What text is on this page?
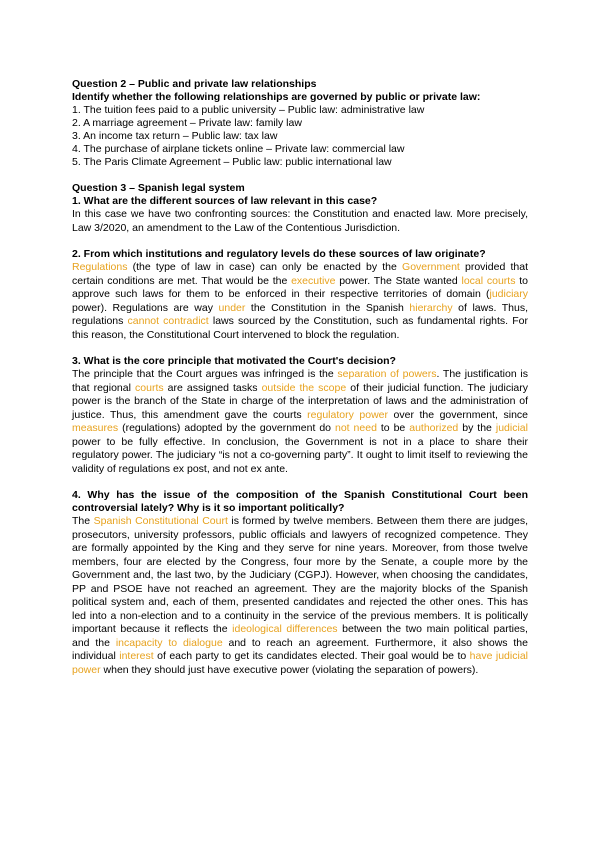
Question 2 – Public and private law relationships

Identify whether the following relationships are governed by public or private law:

1. The tuition fees paid to a public university – Public law: administrative law

2. A marriage agreement – Private law: family law

3. An income tax return – Public law: tax law

4. The purchase of airplane tickets online – Private law: commercial law

5. The Paris Climate Agreement – Public law: public international law

Question 3 – Spanish legal system

1. What are the different sources of law relevant in this case?

In this case we have two confronting sources: the Constitution and enacted law. More precisely, Law 3/2020, an amendment to the Law of the Contentious Jurisdiction.

2. From which institutions and regulatory levels do these sources of law originate?

Regulations (the type of law in case) can only be enacted by the Government provided that certain conditions are met. That would be the executive power. The State wanted local courts to approve such laws for them to be enforced in their respective territories of domain (judiciary power). Regulations are way under the Constitution in the Spanish hierarchy of laws. Thus, regulations cannot contradict laws sourced by the Constitution, such as fundamental rights. For this reason, the Constitutional Court intervened to block the regulation.

3. What is the core principle that motivated the Court's decision?

The principle that the Court argues was infringed is the separation of powers. The justification is that regional courts are assigned tasks outside the scope of their judicial function. The judiciary power is the branch of the State in charge of the interpretation of laws and the administration of justice. Thus, this amendment gave the courts regulatory power over the government, since measures (regulations) adopted by the government do not need to be authorized by the judicial power to be fully effective. In conclusion, the Government is not in a place to share their regulatory power. The judiciary “is not a co-governing party”. It ought to limit itself to reviewing the validity of regulations ex post, and not ex ante.

4. Why has the issue of the composition of the Spanish Constitutional Court been controversial lately? Why is it so important politically?

The Spanish Constitutional Court is formed by twelve members. Between them there are judges, prosecutors, university professors, public officials and lawyers of recognized competence. They are formally appointed by the King and they serve for nine years. Moreover, from those twelve members, four are elected by the Congress, four more by the Senate, a couple more by the Government and, the last two, by the Judiciary (CGPJ). However, when choosing the candidates, PP and PSOE have not reached an agreement. They are the majority blocks of the Spanish political system and, each of them, presented candidates and rejected the other ones. This has led into a non-election and to a continuity in the service of the previous members. It is politically important because it reflects the ideological differences between the two main political parties, and the incapacity to dialogue and to reach an agreement. Furthermore, it also shows the individual interest of each party to get its candidates elected. Their goal would be to have judicial power when they should just have executive power (violating the separation of powers).
